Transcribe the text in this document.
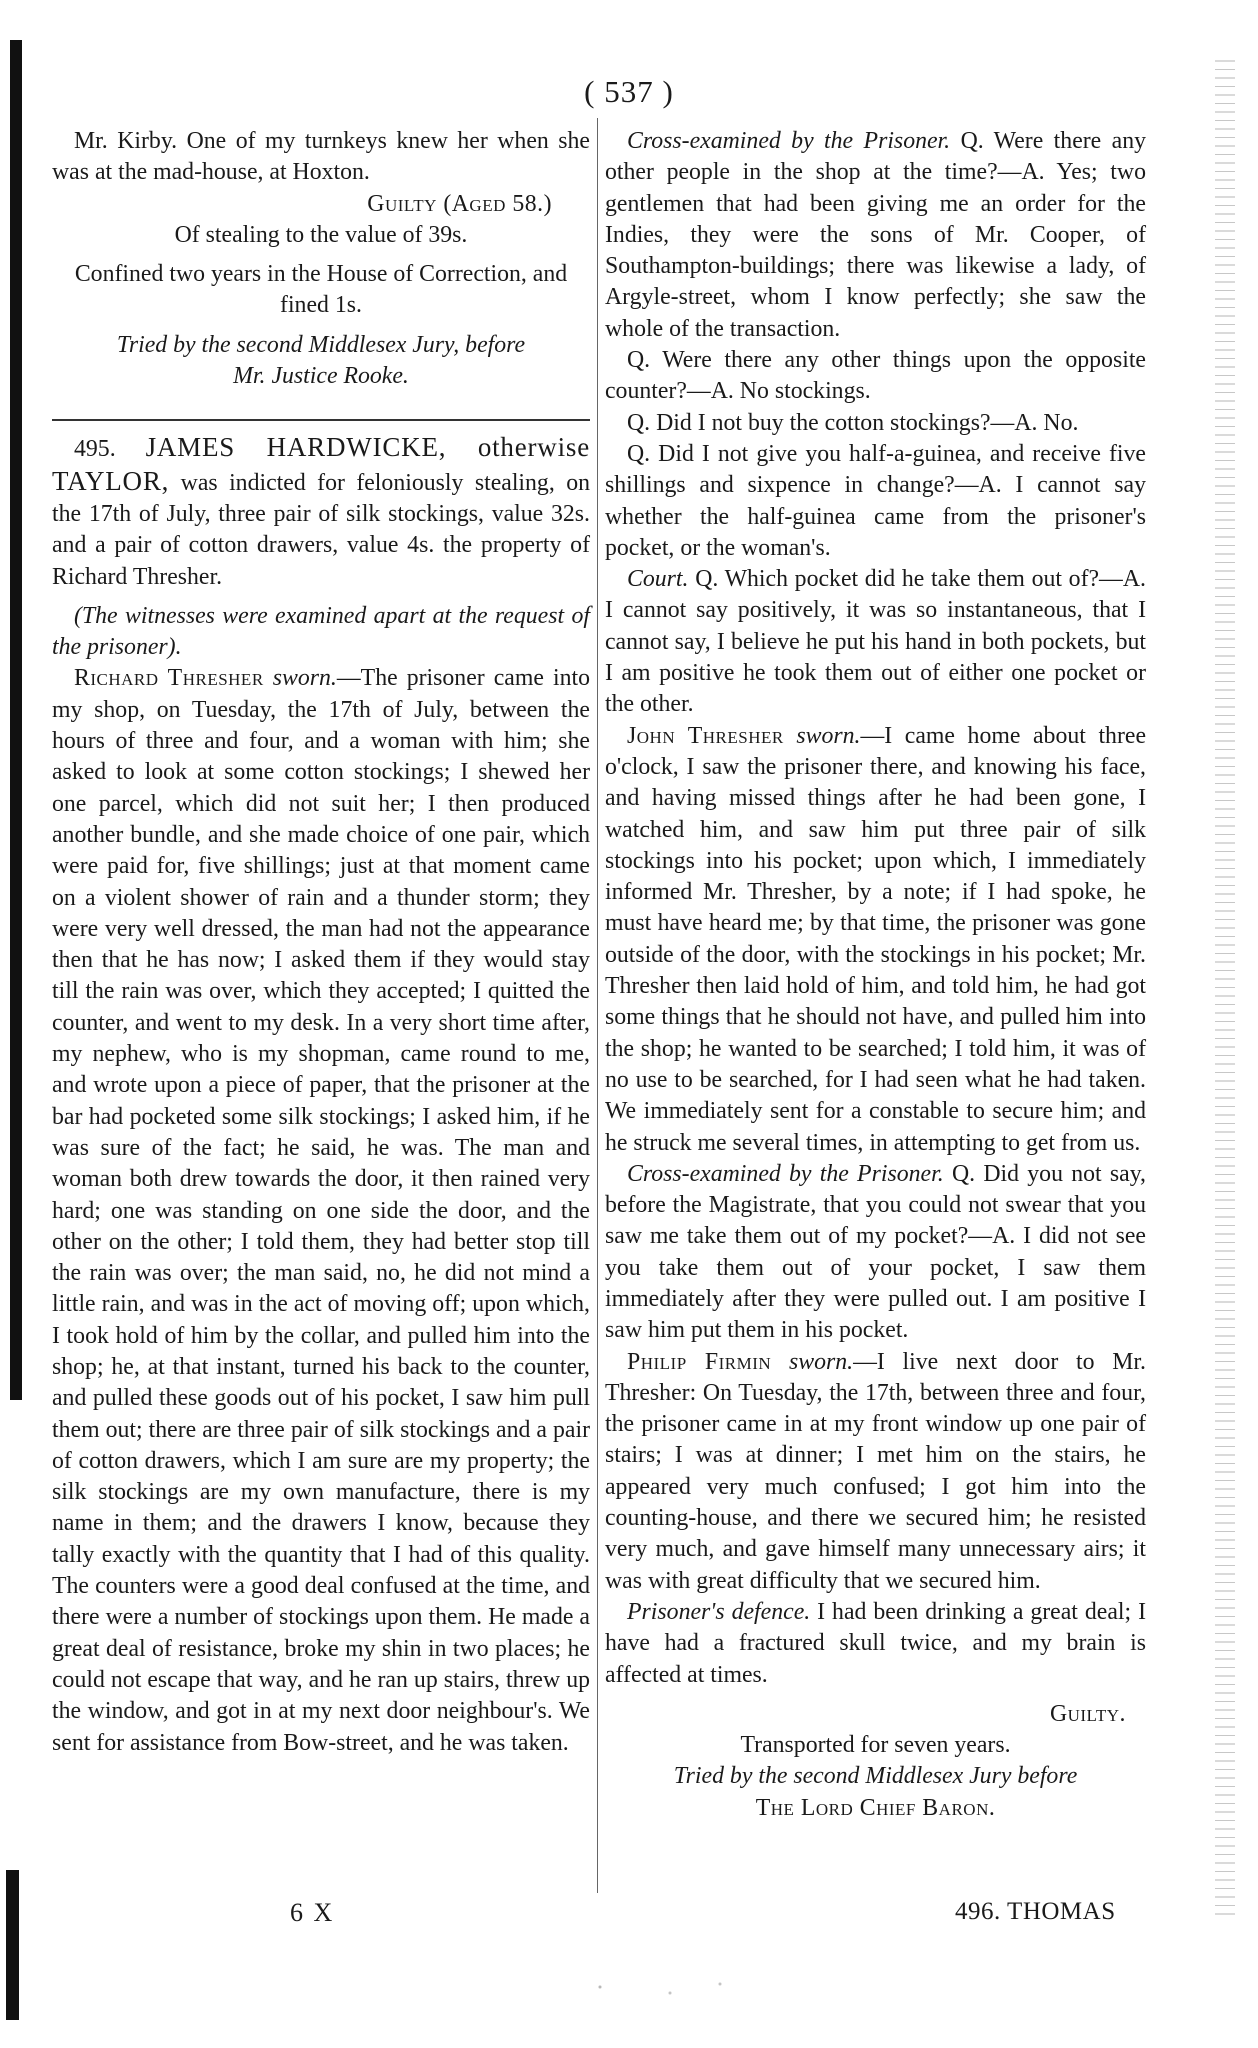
( 537 )

Mr. Kirby. One of my turnkeys knew her when she was at the mad-house, at Hoxton.

Guilty (Aged 58.)

Of stealing to the value of 39s.

Confined two years in the House of Correction, and fined 1s.

Tried by the second Middlesex Jury, before

Mr. Justice Rooke.

495. JAMES HARDWICKE, otherwise TAYLOR, was indicted for feloniously stealing, on the 17th of July, three pair of silk stockings, value 32s. and a pair of cotton drawers, value 4s. the property of Richard Thresher.

(The witnesses were examined apart at the request of the prisoner).

Richard Thresher sworn.—The prisoner came into my shop, on Tuesday, the 17th of July, between the hours of three and four, and a woman with him; she asked to look at some cotton stockings; I shewed her one parcel, which did not suit her; I then produced another bundle, and she made choice of one pair, which were paid for, five shillings; just at that moment came on a violent shower of rain and a thunder storm; they were very well dressed, the man had not the appearance then that he has now; I asked them if they would stay till the rain was over, which they accepted; I quitted the counter, and went to my desk. In a very short time after, my nephew, who is my shopman, came round to me, and wrote upon a piece of paper, that the prisoner at the bar had pocketed some silk stockings; I asked him, if he was sure of the fact; he said, he was. The man and woman both drew towards the door, it then rained very hard; one was standing on one side the door, and the other on the other; I told them, they had better stop till the rain was over; the man said, no, he did not mind a little rain, and was in the act of moving off; upon which, I took hold of him by the collar, and pulled him into the shop; he, at that instant, turned his back to the counter, and pulled these goods out of his pocket, I saw him pull them out; there are three pair of silk stockings and a pair of cotton drawers, which I am sure are my property; the silk stockings are my own manufacture, there is my name in them; and the drawers I know, because they tally exactly with the quantity that I had of this quality. The counters were a good deal confused at the time, and there were a number of stockings upon them. He made a great deal of resistance, broke my shin in two places; he could not escape that way, and he ran up stairs, threw up the window, and got in at my next door neighbour's. We sent for assistance from Bow-street, and he was taken.

Cross-examined by the Prisoner. Q. Were there any other people in the shop at the time?—A. Yes; two gentlemen that had been giving me an order for the Indies, they were the sons of Mr. Cooper, of Southampton-buildings; there was likewise a lady, of Argyle-street, whom I know perfectly; she saw the whole of the transaction.

Q. Were there any other things upon the opposite counter?—A. No stockings.

Q. Did I not buy the cotton stockings?—A. No.

Q. Did I not give you half-a-guinea, and receive five shillings and sixpence in change?—A. I cannot say whether the half-guinea came from the prisoner's pocket, or the woman's.

Court. Q. Which pocket did he take them out of?—A. I cannot say positively, it was so instantaneous, that I cannot say, I believe he put his hand in both pockets, but I am positive he took them out of either one pocket or the other.

John Thresher sworn.—I came home about three o'clock, I saw the prisoner there, and knowing his face, and having missed things after he had been gone, I watched him, and saw him put three pair of silk stockings into his pocket; upon which, I immediately informed Mr. Thresher, by a note; if I had spoke, he must have heard me; by that time, the prisoner was gone outside of the door, with the stockings in his pocket; Mr. Thresher then laid hold of him, and told him, he had got some things that he should not have, and pulled him into the shop; he wanted to be searched; I told him, it was of no use to be searched, for I had seen what he had taken. We immediately sent for a constable to secure him; and he struck me several times, in attempting to get from us.

Cross-examined by the Prisoner. Q. Did you not say, before the Magistrate, that you could not swear that you saw me take them out of my pocket?—A. I did not see you take them out of your pocket, I saw them immediately after they were pulled out. I am positive I saw him put them in his pocket.

Philip Firmin sworn.—I live next door to Mr. Thresher: On Tuesday, the 17th, between three and four, the prisoner came in at my front window up one pair of stairs; I was at dinner; I met him on the stairs, he appeared very much confused; I got him into the counting-house, and there we secured him; he resisted very much, and gave himself many unnecessary airs; it was with great difficulty that we secured him.

Prisoner's defence. I had been drinking a great deal; I have had a fractured skull twice, and my brain is affected at times.

Guilty.

Transported for seven years.

Tried by the second Middlesex Jury before

The Lord Chief Baron.

6 X	496. THOMAS
